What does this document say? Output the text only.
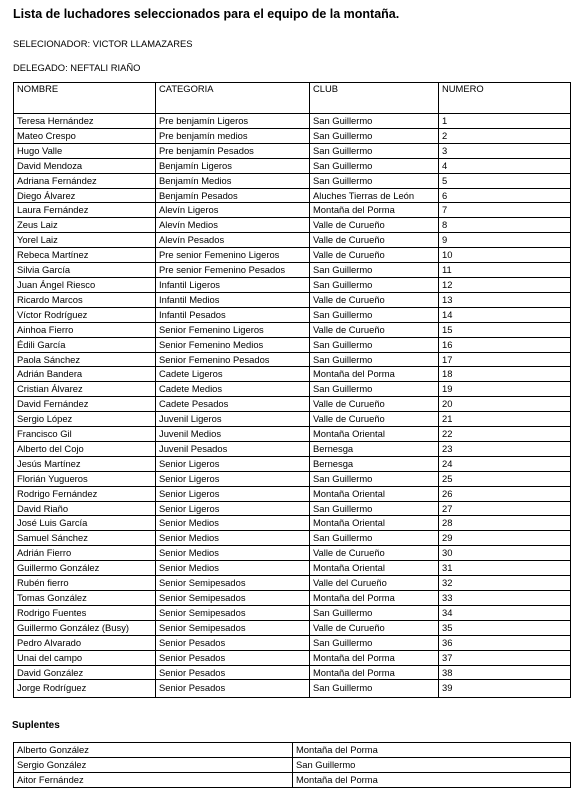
Lista de luchadores seleccionados para el equipo de la montaña.
SELECIONADOR: VICTOR LLAMAZARES
DELEGADO: NEFTALI RIAÑO
NOMBRE	CATEGORIA	CLUB	NUMERO
Teresa Hernández	Pre benjamín Ligeros	San Guillermo	1
Mateo Crespo	Pre benjamín medios	San Guillermo	2
Hugo Valle	Pre benjamín Pesados	San Guillermo	3
David Mendoza	Benjamín Ligeros	San Guillermo	4
Adriana Fernández	Benjamín Medios	San Guillermo	5
Diego Álvarez	Benjamín Pesados	Aluches Tierras de León	6
Laura Fernández	Alevín Ligeros	Montaña del Porma	7
Zeus Laiz	Alevín Medios	Valle de Curueño	8
Yorel Laiz	Alevín Pesados	Valle de Curueño	9
Rebeca Martínez	Pre senior Femenino Ligeros	Valle de Curueño	10
Silvia García	Pre senior Femenino Pesados	San Guillermo	11
Juan Ángel Riesco	Infantil Ligeros	San Guillermo	12
Ricardo Marcos	Infantil Medios	Valle de Curueño	13
Víctor Rodríguez	Infantil Pesados	San Guillermo	14
Ainhoa Fierro	Senior Femenino Ligeros	Valle de Curueño	15
Édili García	Senior Femenino Medios	San Guillermo	16
Paola Sánchez	Senior Femenino Pesados	San Guillermo	17
Adrián Bandera	Cadete Ligeros	Montaña del Porma	18
Cristian Álvarez	Cadete Medios	San Guillermo	19
David Fernández	Cadete Pesados	Valle de Curueño	20
Sergio López	Juvenil Ligeros	Valle de Curueño	21
Francisco Gil	Juvenil Medios	Montaña Oriental	22
Alberto del Cojo	Juvenil Pesados	Bernesga	23
Jesús Martínez	Senior Ligeros	Bernesga	24
Florián Yugueros	Senior Ligeros	San Guillermo	25
Rodrigo Fernández	Senior Ligeros	Montaña Oriental	26
David Riaño	Senior Ligeros	San Guillermo	27
José Luis García	Senior Medios	Montaña Oriental	28
Samuel Sánchez	Senior Medios	San Guillermo	29
Adrián Fierro	Senior Medios	Valle de Curueño	30
Guillermo González	Senior Medios	Montaña Oriental	31
Rubén fierro	Senior Semipesados	Valle del Curueño	32
Tomas González	Senior Semipesados	Montaña del Porma	33
Rodrigo Fuentes	Senior Semipesados	San Guillermo	34
Guillermo González (Busy)	Senior Semipesados	Valle de Curueño	35
Pedro Alvarado	Senior Pesados	San Guillermo	36
Unai del campo	Senior Pesados	Montaña del Porma	37
David González	Senior Pesados	Montaña del Porma	38
Jorge Rodríguez	Senior Pesados	San Guillermo	39
Suplentes
Alberto González	Montaña del Porma
Sergio González	San Guillermo
Aitor Fernández	Montaña del Porma
